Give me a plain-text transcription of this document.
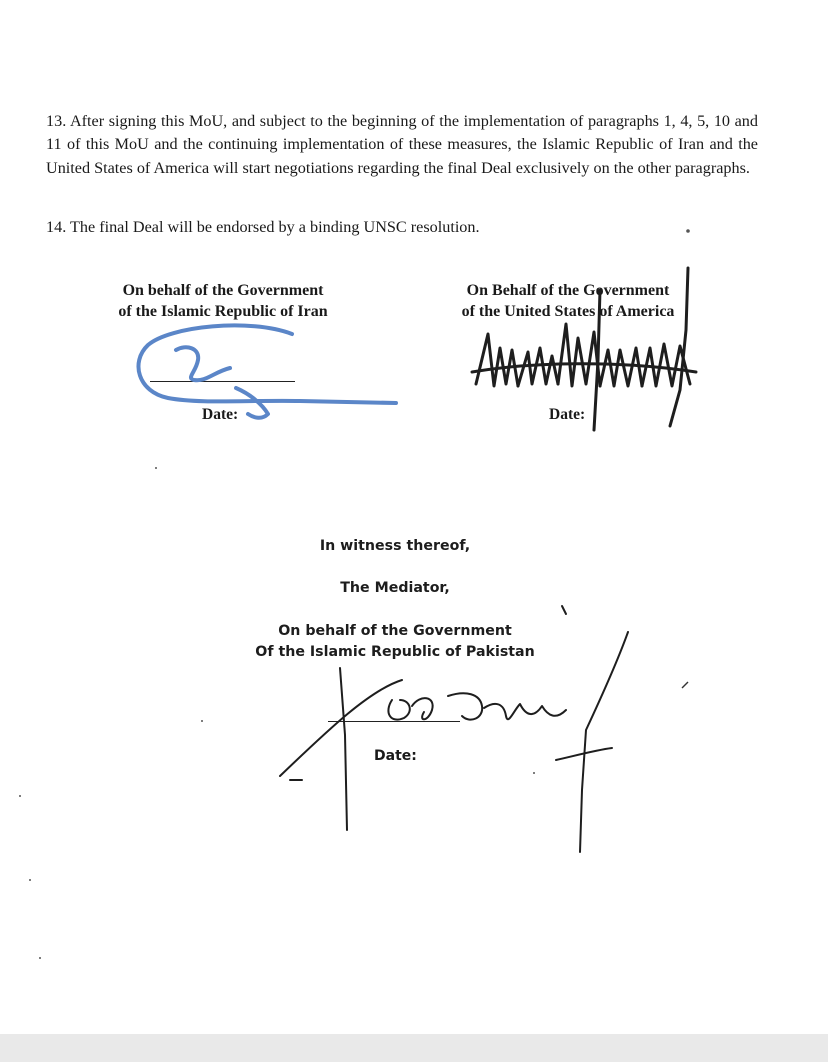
13. After signing this MoU, and subject to the beginning of the implementation of paragraphs 1, 4, 5, 10 and 11 of this MoU and the continuing implementation of these measures, the Islamic Republic of Iran and the United States of America will start negotiations regarding the final Deal exclusively on the other paragraphs.

14. The final Deal will be endorsed by a binding UNSC resolution.

On behalf of the Government
of the Islamic Republic of Iran
Date:
On Behalf of the Government
of the United States of America
Date:
In witness thereof,
The Mediator,
On behalf of the Government
Of the Islamic Republic of Pakistan
Date:
